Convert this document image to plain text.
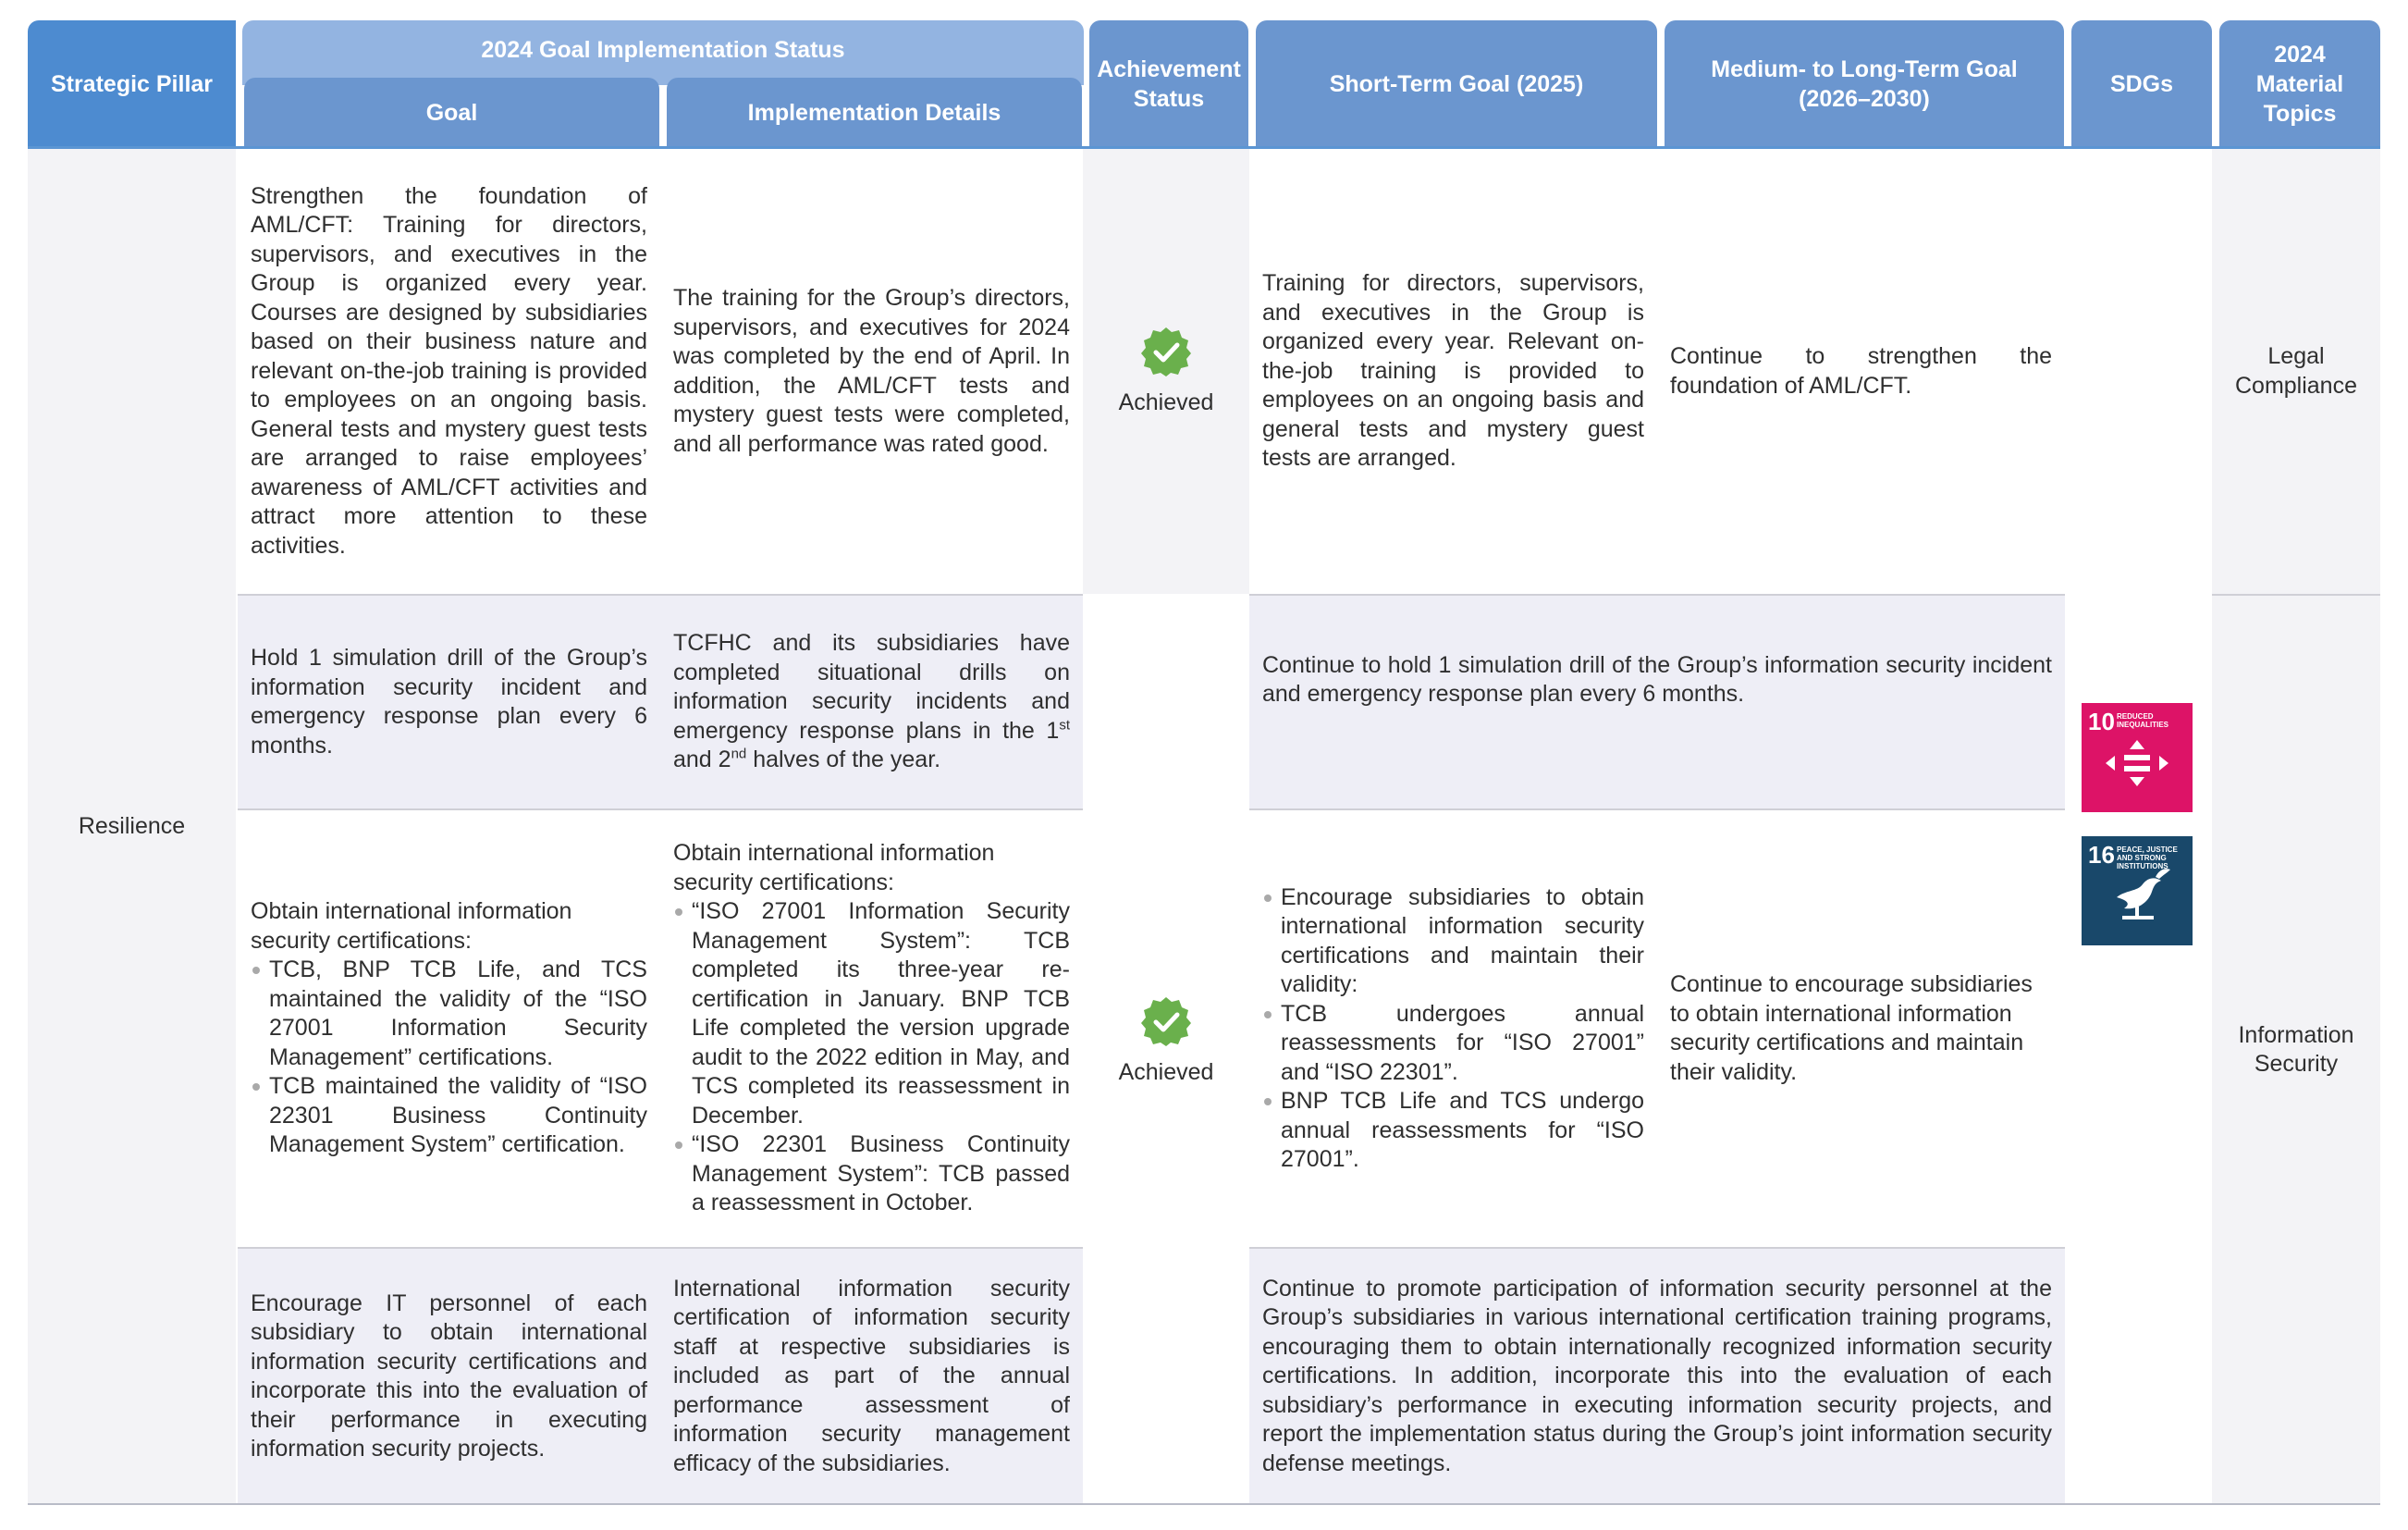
Strategic Pillar
2024 Goal Implementation Status
Goal	Implementation Details
Achievement Status
Short-Term Goal (2025)
Medium- to Long-Term Goal (2026–2030)
SDGs
2024 Material Topics
Resilience

Strengthen the foundation of AML/CFT: Training for directors, supervisors, and executives in the Group is organized every year. Courses are designed by subsidiaries based on their business nature and relevant on-the-job training is provided to employees on an ongoing basis. General tests and mystery guest tests are arranged to raise employees’ awareness of AML/CFT activities and attract more attention to these activities.

The training for the Group’s directors, supervisors, and executives for 2024 was completed by the end of April. In addition, the AML/CFT tests and mystery guest tests were completed, and all performance was rated good.

Achieved

Training for directors, supervisors, and executives in the Group is organized every year. Relevant on-the-job training is provided to employees on an ongoing basis and general tests and mystery guest tests are arranged.

Continue to strengthen the foundation of AML/CFT.

Legal Compliance

Hold 1 simulation drill of the Group’s information security incident and emergency response plan every 6 months.

TCFHC and its subsidiaries have completed situational drills on information security incidents and emergency response plans in the 1st and 2nd halves of the year.

Continue to hold 1 simulation drill of the Group’s information security incident and emergency response plan every 6 months.

Achieved

Obtain international information security certifications:

TCB, BNP TCB Life, and TCS maintained the validity of the “ISO 27001 Information Security Management” certifications.
TCB maintained the validity of “ISO 22301 Business Continuity Management System” certification.

Obtain international information security certifications:

“ISO 27001 Information Security Management System”: TCB completed its three-year re-certification in January. BNP TCB Life completed the version upgrade audit to the 2022 edition in May, and TCS completed its reassessment in December.
“ISO 22301 Business Continuity Management System”: TCB passed a reassessment in October.
Encourage subsidiaries to obtain international information security certifications and maintain their validity:
TCB undergoes annual reassessments for “ISO 27001” and “ISO 22301”.
BNP TCB Life and TCS undergo annual reassessments for “ISO 27001”.

Continue to encourage subsidiaries to obtain international information security certifications and maintain their validity.

Encourage IT personnel of each subsidiary to obtain international information security certifications and incorporate this into the evaluation of their performance in executing information security projects.

International information security certification of information security staff at respective subsidiaries is included as part of the annual performance assessment of information security management efficacy of the subsidiaries.

Continue to promote participation of information security personnel at the Group’s subsidiaries in various international certification training programs, encouraging them to obtain internationally recognized information security certifications. In addition, incorporate this into the evaluation of each subsidiary’s performance in executing information security projects, and report the implementation status during the Group’s joint information security defense meetings.

10 REDUCED INEQUALITIES
16 PEACE, JUSTICE AND STRONG INSTITUTIONS
Information Security
